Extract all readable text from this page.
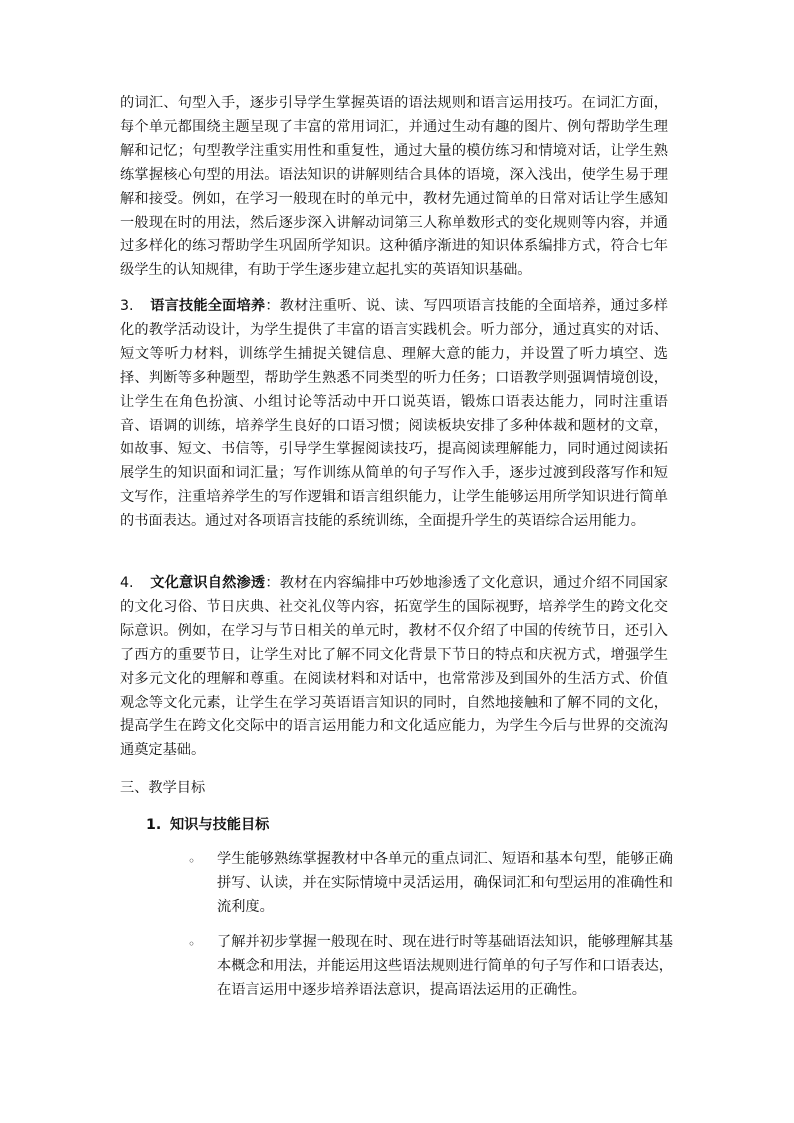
的词汇、句型入手，逐步引导学生掌握英语的语法规则和语言运用技巧。在词汇方面，每个单元都围绕主题呈现了丰富的常用词汇，并通过生动有趣的图片、例句帮助学生理解和记忆；句型教学注重实用性和重复性，通过大量的模仿练习和情境对话，让学生熟练掌握核心句型的用法。语法知识的讲解则结合具体的语境，深入浅出，使学生易于理解和接受。例如，在学习一般现在时的单元中，教材先通过简单的日常对话让学生感知一般现在时的用法，然后逐步深入讲解动词第三人称单数形式的变化规则等内容，并通过多样化的练习帮助学生巩固所学知识。这种循序渐进的知识体系编排方式，符合七年级学生的认知规律，有助于学生逐步建立起扎实的英语知识基础。

3. 语言技能全面培养：教材注重听、说、读、写四项语言技能的全面培养，通过多样化的教学活动设计，为学生提供了丰富的语言实践机会。听力部分，通过真实的对话、短文等听力材料，训练学生捕捉关键信息、理解大意的能力，并设置了听力填空、选择、判断等多种题型，帮助学生熟悉不同类型的听力任务；口语教学则强调情境创设，让学生在角色扮演、小组讨论等活动中开口说英语，锻炼口语表达能力，同时注重语音、语调的训练，培养学生良好的口语习惯；阅读板块安排了多种体裁和题材的文章，如故事、短文、书信等，引导学生掌握阅读技巧，提高阅读理解能力，同时通过阅读拓展学生的知识面和词汇量；写作训练从简单的句子写作入手，逐步过渡到段落写作和短文写作，注重培养学生的写作逻辑和语言组织能力，让学生能够运用所学知识进行简单的书面表达。通过对各项语言技能的系统训练，全面提升学生的英语综合运用能力。

4. 文化意识自然渗透：教材在内容编排中巧妙地渗透了文化意识，通过介绍不同国家的文化习俗、节日庆典、社交礼仪等内容，拓宽学生的国际视野，培养学生的跨文化交际意识。例如，在学习与节日相关的单元时，教材不仅介绍了中国的传统节日，还引入了西方的重要节日，让学生对比了解不同文化背景下节日的特点和庆祝方式，增强学生对多元文化的理解和尊重。在阅读材料和对话中，也常常涉及到国外的生活方式、价值观念等文化元素，让学生在学习英语语言知识的同时，自然地接触和了解不同的文化，提高学生在跨文化交际中的语言运用能力和文化适应能力，为学生今后与世界的交流沟通奠定基础。

三、教学目标

1. 知识与技能目标

◦	学生能够熟练掌握教材中各单元的重点词汇、短语和基本句型，能够正确拼写、认读，并在实际情境中灵活运用，确保词汇和句型运用的准确性和流利度。

◦	了解并初步掌握一般现在时、现在进行时等基础语法知识，能够理解其基本概念和用法，并能运用这些语法规则进行简单的句子写作和口语表达，在语言运用中逐步培养语法意识，提高语法运用的正确性。
